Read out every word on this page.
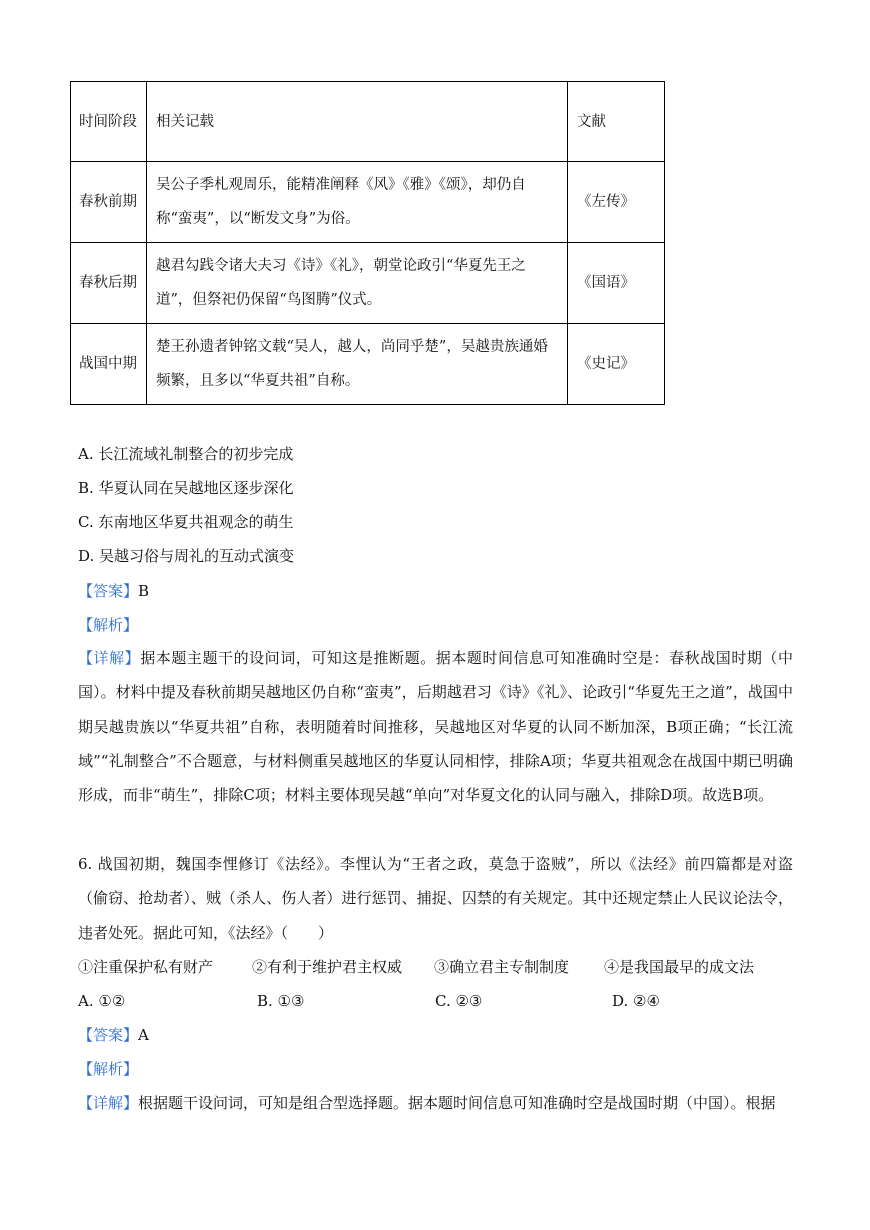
时间阶段	相关记载	文献
春秋前期	吴公子季札观周乐，能精准阐释《风》《雅》《颂》，却仍自称“蛮夷”，以“断发文身”为俗。	《左传》
春秋后期	越君勾践令诸大夫习《诗》《礼》，朝堂论政引“华夏先王之道”，但祭祀仍保留“鸟图腾”仪式。	《国语》
战国中期	楚王孙遗者钟铭文载“吴人，越人，尚同乎楚”，吴越贵族通婚频繁，且多以“华夏共祖”自称。	《史记》
A. 长江流域礼制整合的初步完成
B. 华夏认同在吴越地区逐步深化
C. 东南地区华夏共祖观念的萌生
D. 吴越习俗与周礼的互动式演变
【答案】B
【解析】
【详解】据本题主题干的设问词，可知这是推断题。据本题时间信息可知准确时空是：春秋战国时期（中国）。材料中提及春秋前期吴越地区仍自称“蛮夷”，后期越君习《诗》《礼》、论政引“华夏先王之道”，战国中期吴越贵族以“华夏共祖”自称，表明随着时间推移，吴越地区对华夏的认同不断加深，B项正确；“长江流域”“礼制整合”不合题意，与材料侧重吴越地区的华夏认同相悖，排除A项；华夏共祖观念在战国中期已明确形成，而非“萌生”，排除C项；材料主要体现吴越“单向”对华夏文化的认同与融入，排除D项。故选B项。
6. 战国初期，魏国李悝修订《法经》。李悝认为“王者之政，莫急于盗贼”，所以《法经》前四篇都是对盗（偷窃、抢劫者）、贼（杀人、伤人者）进行惩罚、捕捉、囚禁的有关规定。其中还规定禁止人民议论法令，违者处死。据此可知，《法经》（　　）
①注重保护私有财产	②有利于维护君主权威 ③确立君主专制制度 ④是我国最早的成文法
A. ①②	B. ①③	C. ②③	D. ②④
【答案】A
【解析】
【详解】根据题干设问词，可知是组合型选择题。据本题时间信息可知准确时空是战国时期（中国）。根据
